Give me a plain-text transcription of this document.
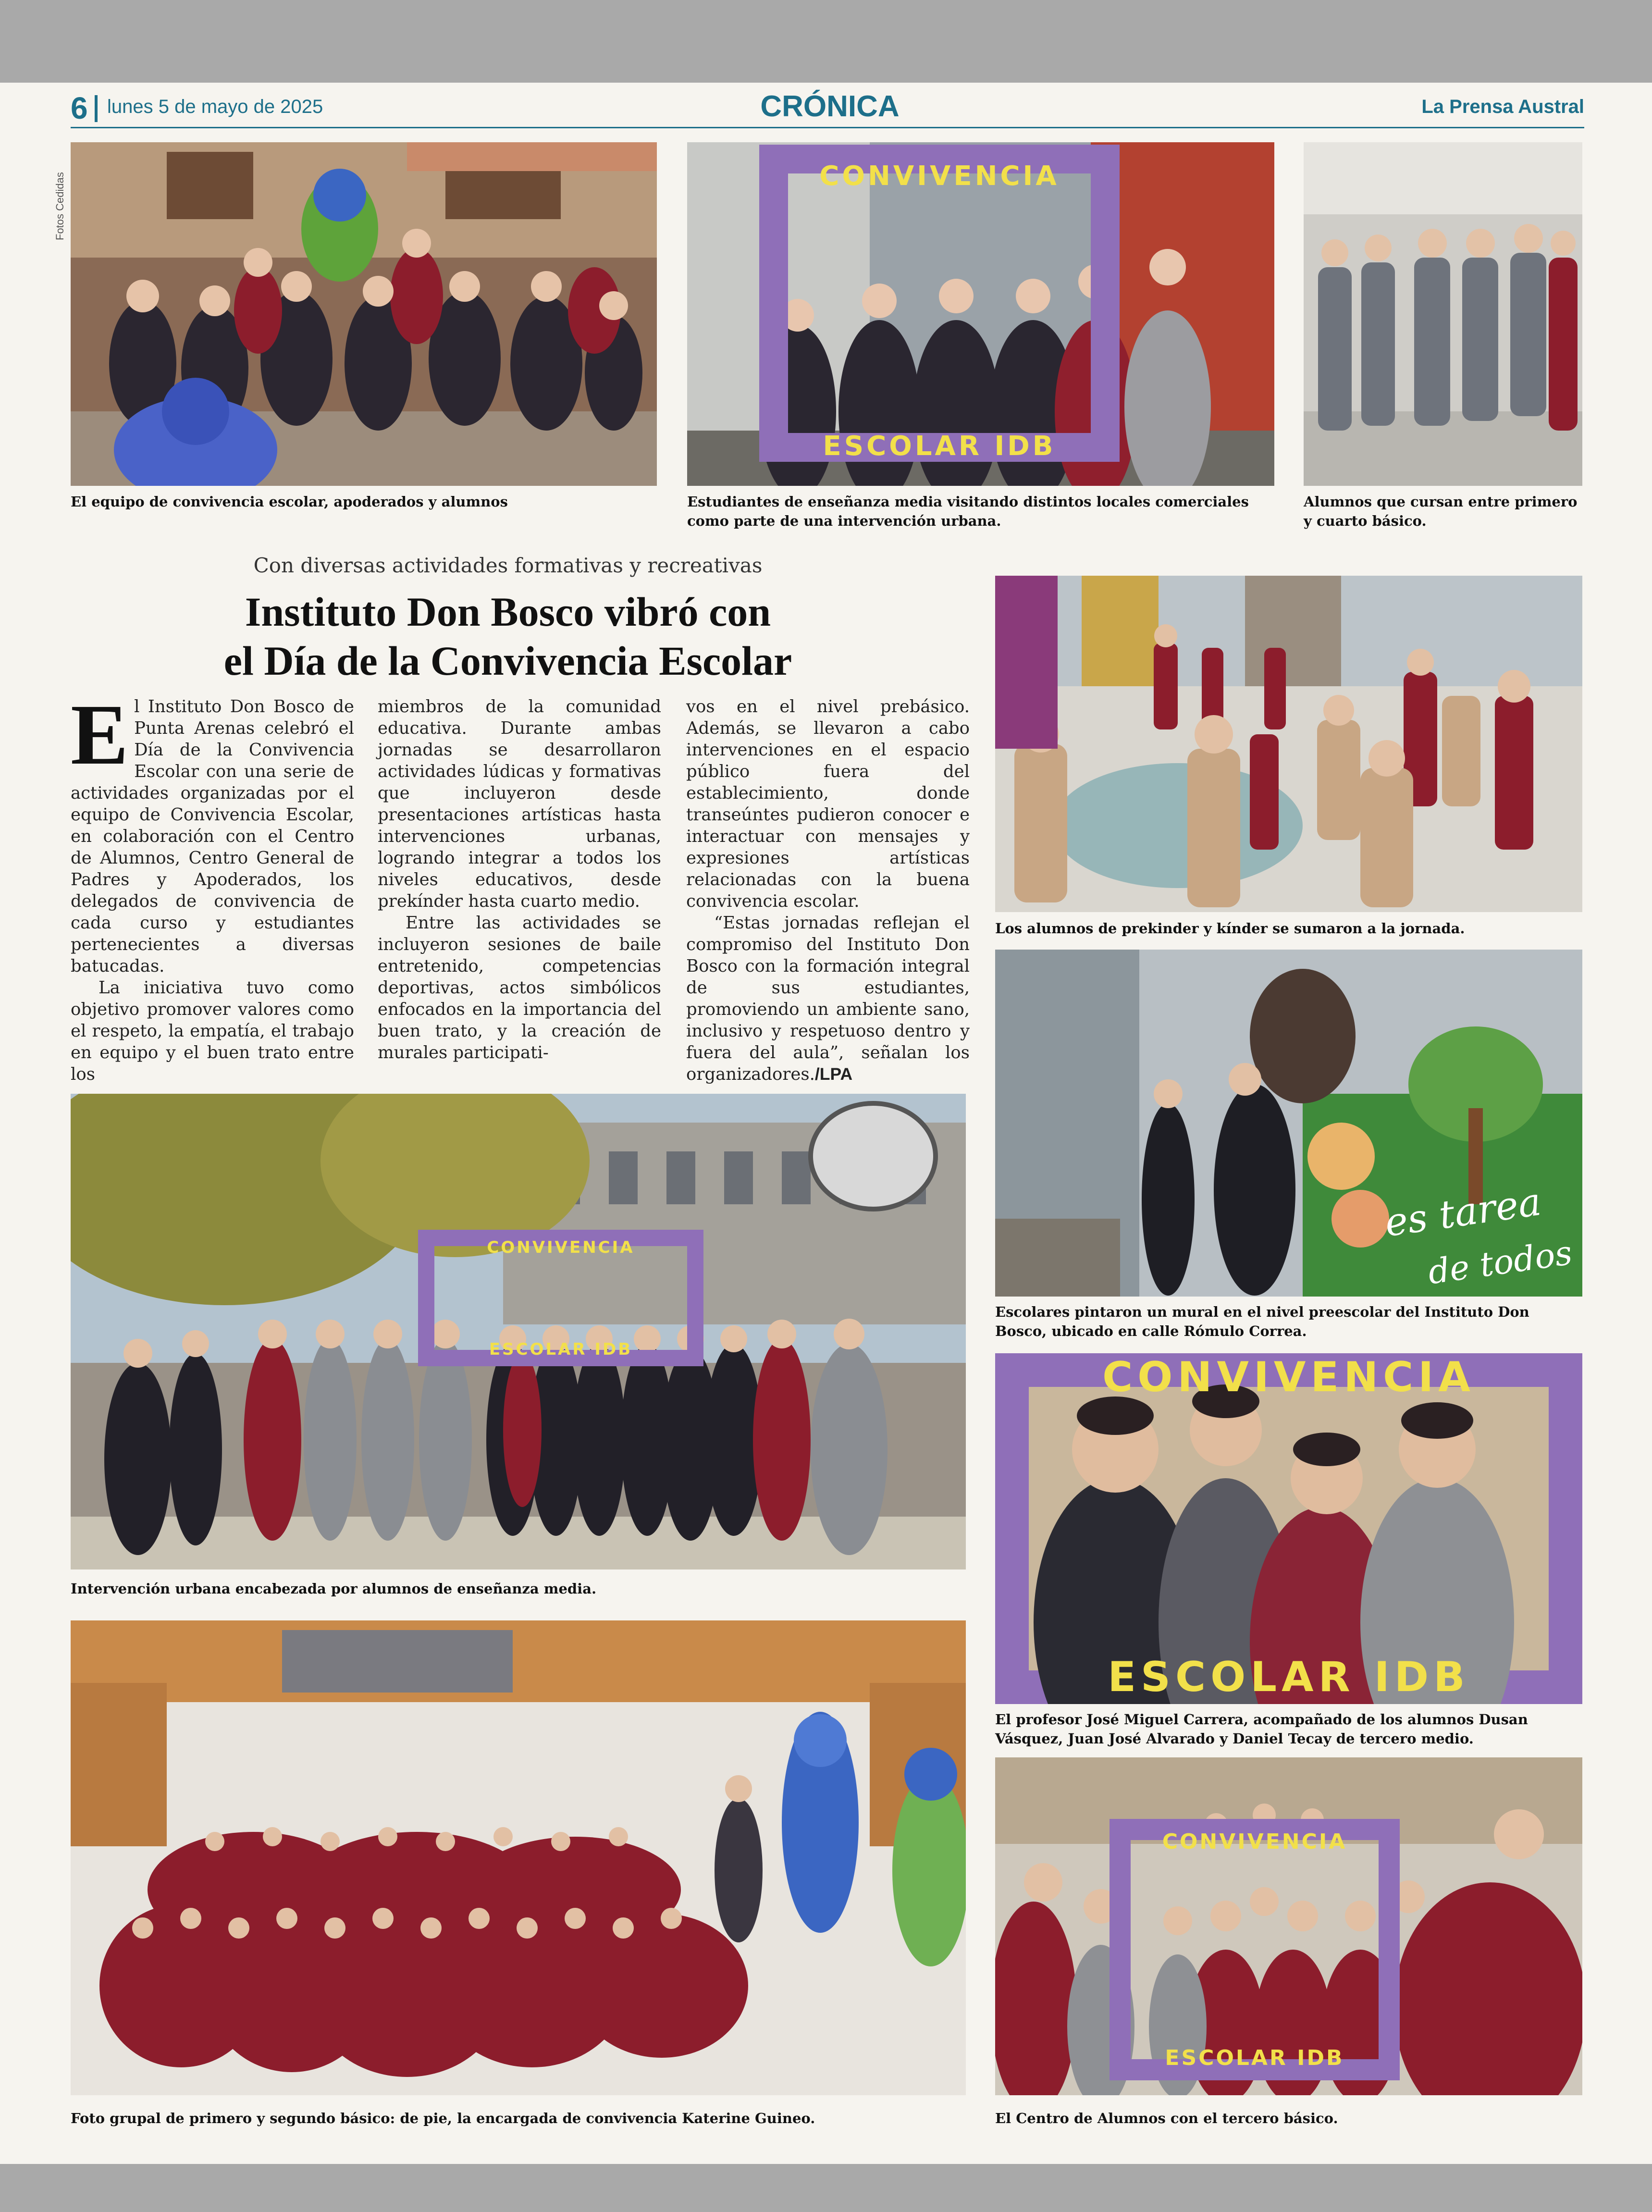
6 lunes 5 de mayo de 2025	CRÓNICA	La Prensa Austral
Fotos Cedidas
El equipo de convivencia escolar, apoderados y alumnos
CONVIVENCIA
ESCOLAR IDB
Estudiantes de enseñanza media visitando distintos locales comerciales como parte de una intervención urbana.
Alumnos que cursan entre primero y cuarto básico.
Con diversas actividades formativas y recreativas
Instituto Don Bosco vibró con
el Día de la Convivencia Escolar

El Instituto Don Bosco de Punta Arenas celebró el Día de la Convivencia Escolar con una serie de actividades organizadas por el equipo de Convivencia Escolar, en colaboración con el Centro de Alumnos, Centro General de Padres y Apoderados, los delegados de convivencia de cada curso y estudiantes pertenecientes a diversas batucadas.

La iniciativa tuvo como objetivo promover valores como el respeto, la empatía, el trabajo en equipo y el buen trato entre los

miembros de la comunidad educativa. Durante ambas jornadas se desarrollaron actividades lúdicas y formativas que incluyeron desde presentaciones artísticas hasta intervenciones urbanas, logrando integrar a todos los niveles educativos, desde prekínder hasta cuarto medio.

Entre las actividades se incluyeron sesiones de baile entretenido, competencias deportivas, actos simbólicos enfocados en la importancia del buen trato, y la creación de murales participati-

vos en el nivel prebásico. Además, se llevaron a cabo intervenciones en el espacio público fuera del establecimiento, donde transeúntes pudieron conocer e interactuar con mensajes y expresiones artísticas relacionadas con la buena convivencia escolar.

“Estas jornadas reflejan el compromiso del Instituto Don Bosco con la formación integral de sus estudiantes, promoviendo un ambiente sano, inclusivo y respetuoso dentro y fuera del aula”, señalan los organizadores./LPA

Los alumnos de prekinder y kínder se sumaron a la jornada.
es tarea
de todos
Escolares pintaron un mural en el nivel preescolar del Instituto Don Bosco, ubicado en calle Rómulo Correa.
CONVIVENCIA
ESCOLAR IDB
Intervención urbana encabezada por alumnos de enseñanza media.
CONVIVENCIA
ESCOLAR IDB
El profesor José Miguel Carrera, acompañado de los alumnos Dusan Vásquez, Juan José Alvarado y Daniel Tecay de tercero medio.
Foto grupal de primero y segundo básico: de pie, la encargada de convivencia Katerine Guineo.
CONVIVENCIA
ESCOLAR IDB
El Centro de Alumnos con el tercero básico.
